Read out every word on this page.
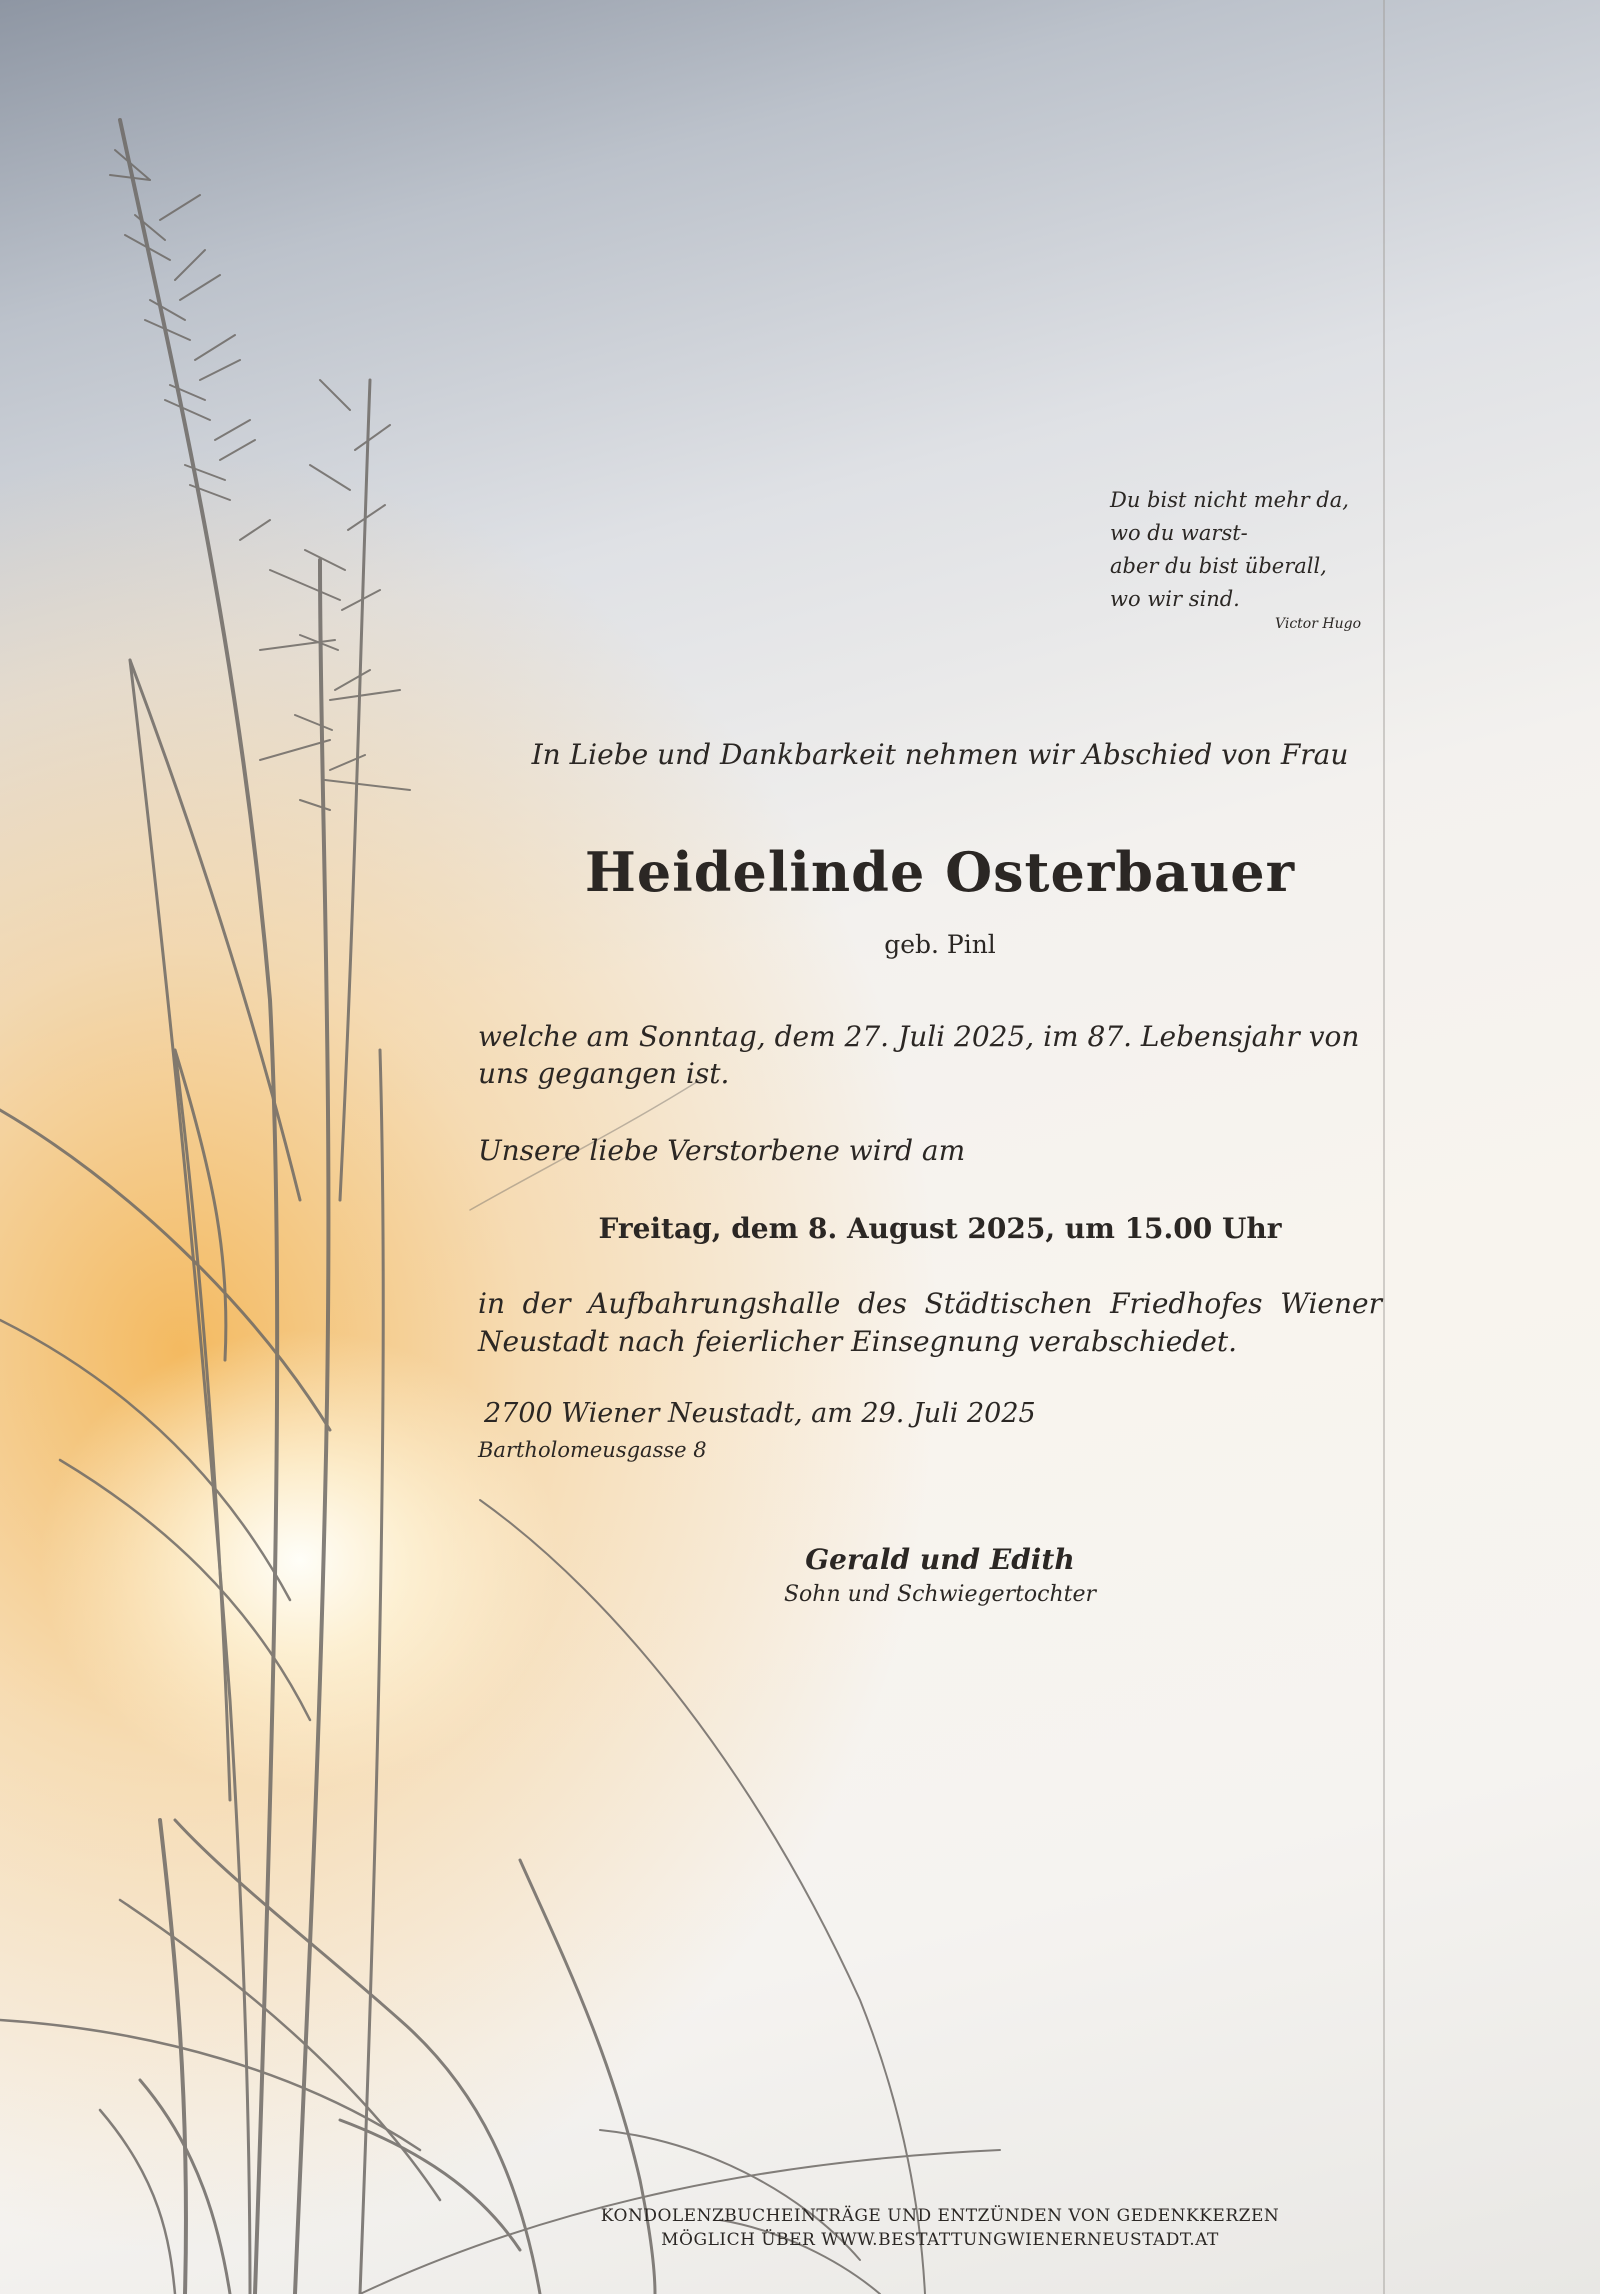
Du bist nicht mehr da,
wo du warst-
aber du bist überall,
wo wir sind.

Victor Hugo

In Liebe und Dankbarkeit nehmen wir Abschied von Frau

Heidelinde Osterbauer

geb. Pinl

welche am Sonntag, dem 27. Juli 2025, im 87. Lebensjahr von uns gegangen ist.

Unsere liebe Verstorbene wird am

Freitag, dem 8. August 2025, um 15.00 Uhr

in der Aufbahrungshalle des Städtischen Friedhofes Wiener Neustadt nach feierlicher Einsegnung verabschiedet.

2700 Wiener Neustadt, am 29. Juli 2025

Bartholomeusgasse 8

Gerald und Edith

Sohn und Schwiegertochter

KONDOLENZBUCHEINTRÄGE UND ENTZÜNDEN VON GEDENKKERZEN
MÖGLICH ÜBER WWW.BESTATTUNGWIENERNEUSTADT.AT
